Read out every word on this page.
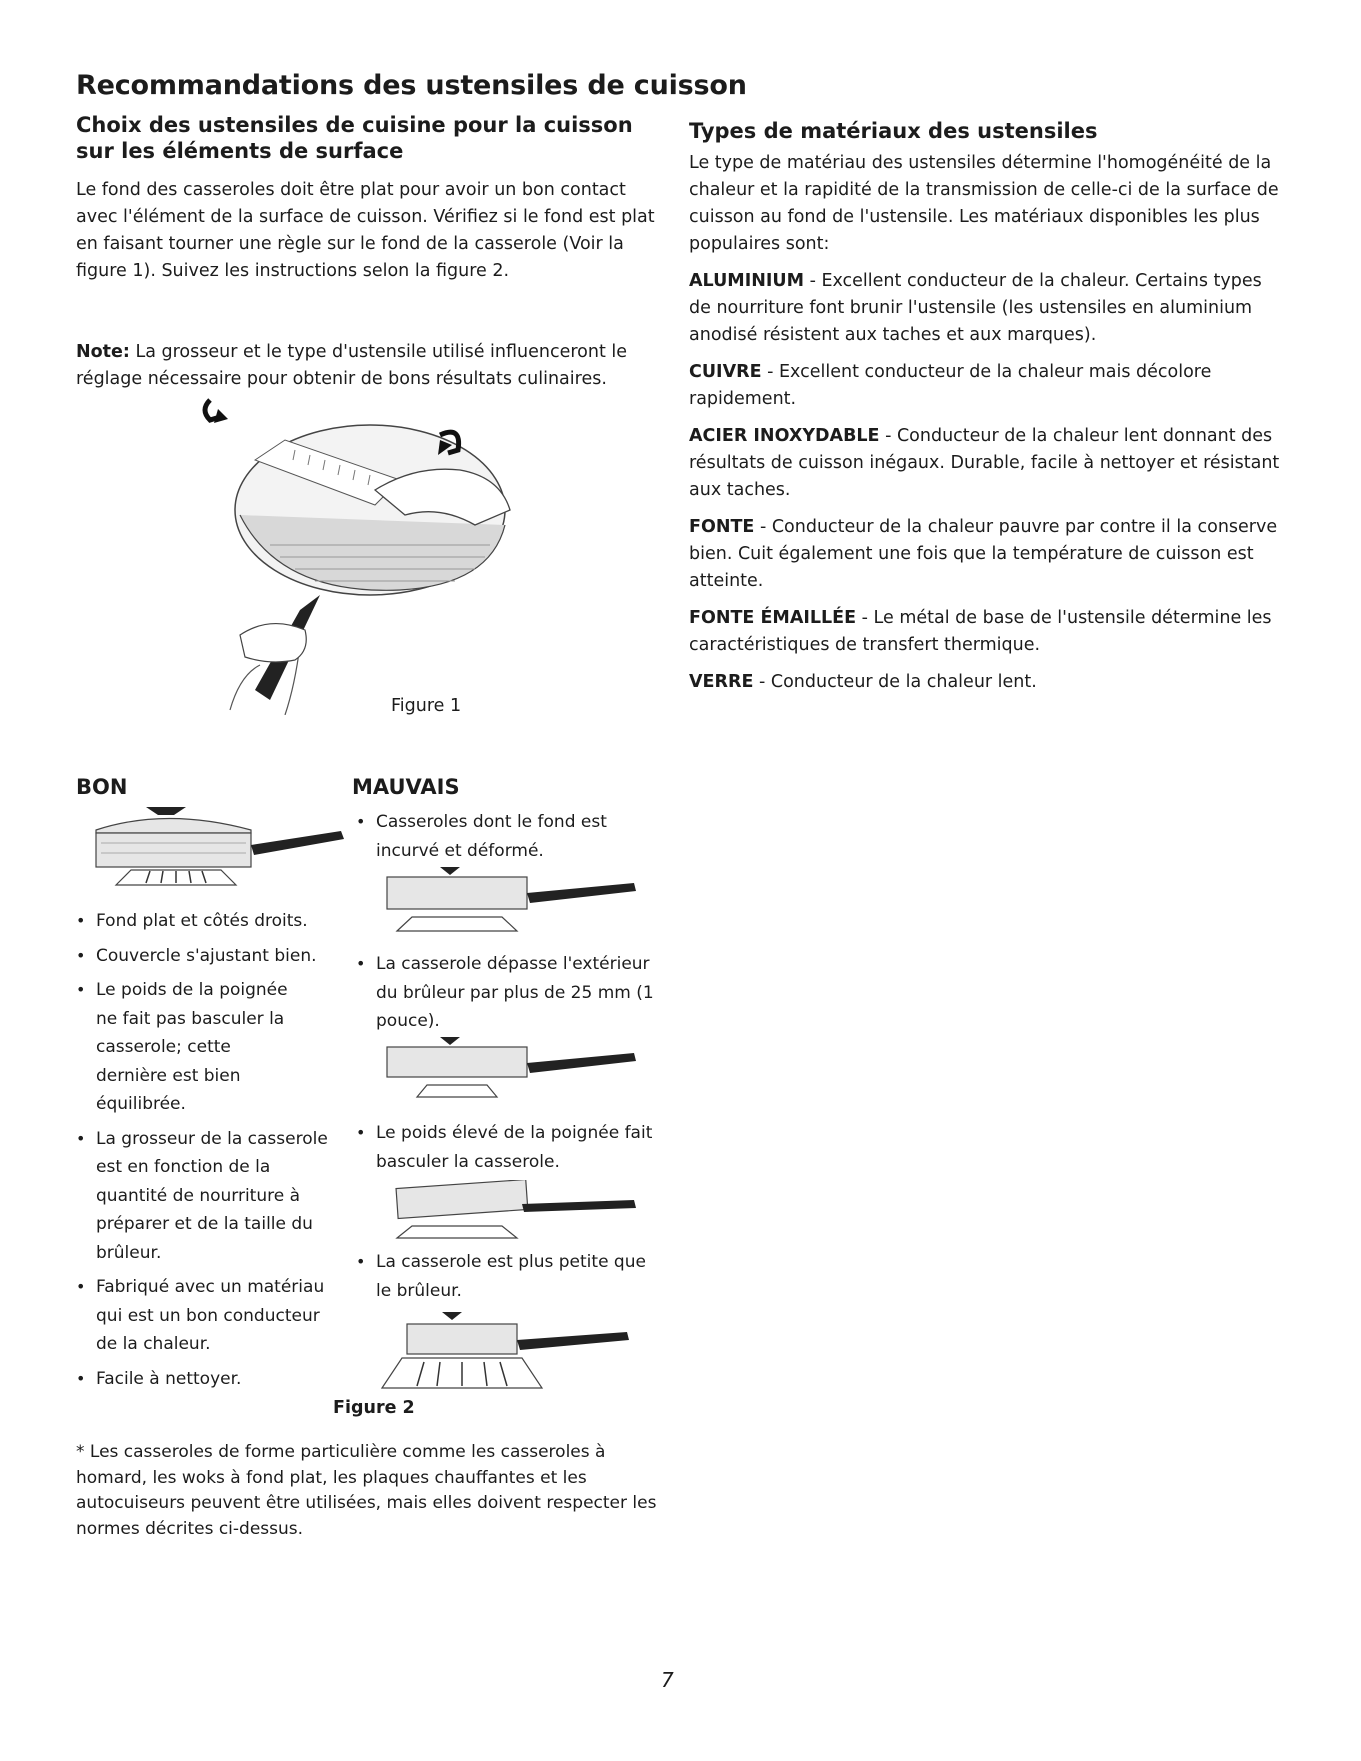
Recommandations des ustensiles de cuisson
Choix des ustensiles de cuisine pour la cuisson sur les éléments de surface
Le fond des casseroles doit être plat pour avoir un bon contact avec l'élément de la surface de cuisson. Vérifiez si le fond est plat en faisant tourner une règle sur le fond de la casserole (Voir la figure 1). Suivez les instructions selon la figure 2.
Note: La grosseur et le type d'ustensile utilisé influenceront le réglage nécessaire pour obtenir de bons résultats culinaires.
Figure 1
Types de matériaux des ustensiles

Le type de matériau des ustensiles détermine l'homogénéité de la chaleur et la rapidité de la transmission de celle-ci de la surface de cuisson au fond de l'ustensile. Les matériaux disponibles les plus populaires sont:

ALUMINIUM - Excellent conducteur de la chaleur. Certains types de nourriture font brunir l'ustensile (les ustensiles en aluminium anodisé résistent aux taches et aux marques).

CUIVRE - Excellent conducteur de la chaleur mais décolore rapidement.

ACIER INOXYDABLE - Conducteur de la chaleur lent donnant des résultats de cuisson inégaux. Durable, facile à nettoyer et résistant aux taches.

FONTE - Conducteur de la chaleur pauvre par contre il la conserve bien. Cuit également une fois que la température de cuisson est atteinte.

FONTE ÉMAILLÉE - Le métal de base de l'ustensile détermine les caractéristiques de transfert thermique.

VERRE - Conducteur de la chaleur lent.

BON
• Fond plat et côtés droits.
• Couvercle s'ajustant bien.
• Le poids de la poignée ne fait pas basculer la casserole; cette dernière est bien équilibrée.
• La grosseur de la casserole est en fonction de la quantité de nourriture à préparer et de la taille du brûleur.
• Fabriqué avec un matériau qui est un bon conducteur de la chaleur.
• Facile à nettoyer.
MAUVAIS
• Casseroles dont le fond est incurvé et déformé.
• La casserole dépasse l'extérieur du brûleur par plus de 25 mm (1 pouce).
• Le poids élevé de la poignée fait basculer la casserole.
• La casserole est plus petite que le brûleur.
Figure 2
* Les casseroles de forme particulière comme les casseroles à homard, les woks à fond plat, les plaques chauffantes et les autocuiseurs peuvent être utilisées, mais elles doivent respecter les normes décrites ci-dessus.
7
